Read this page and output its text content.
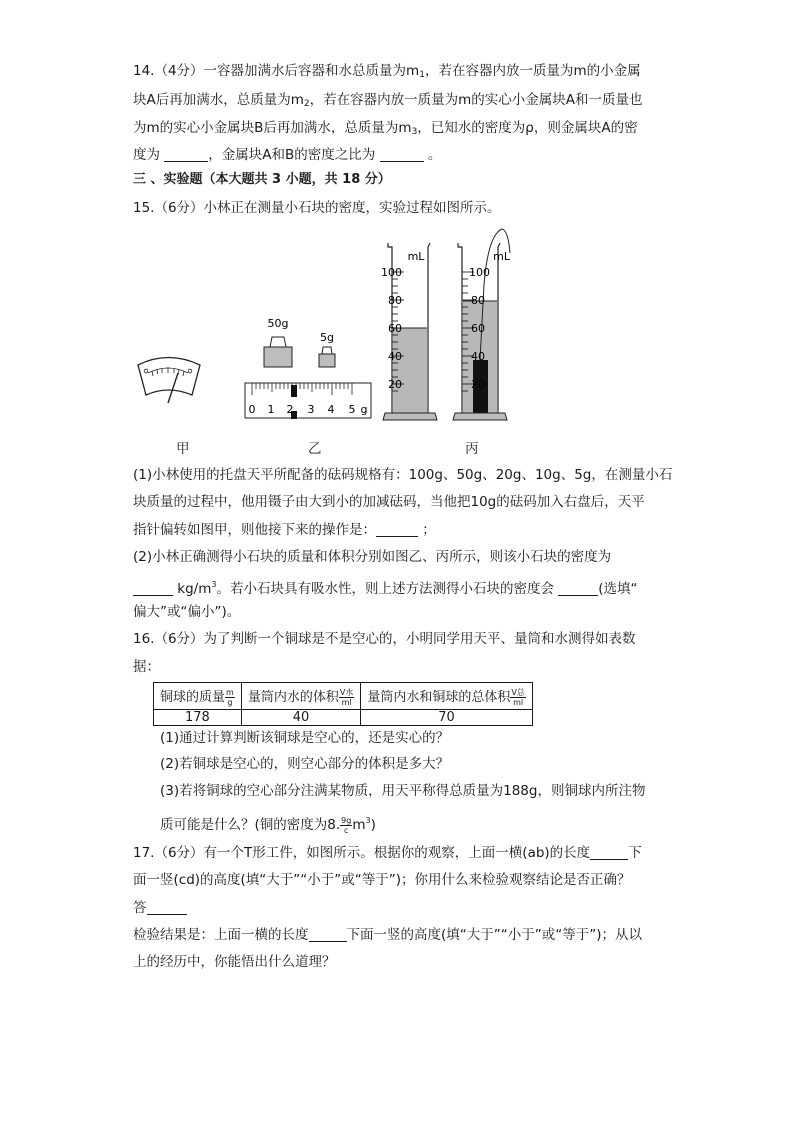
14.（4分）一容器加满水后容器和水总质量为$m_1$，若在容器内放一质量为m的小金属
块A后再加满水，总质量为$m_2$，若在容器内放一质量为m的实心小金属块A和一质量也
为m的实心小金属块B后再加满水，总质量为$m_3$，已知水的密度为ρ，则金属块A的密
度为	，金属块A和B的密度之比为	。
三 、实验题（本大题共 3 小题，共 18 分）
15.（6分）小林正在测量小石块的密度，实验过程如图所示。
50g
5g
0 1 2 3 4 5 g
mL
100
80
60
40
20
mL
100
80
60
40
20
甲	乙	丙
(1)小林使用的托盘天平所配备的砝码规格有：100g、50g、20g、10g、5g，在测量小石
块质量的过程中，他用镊子由大到小的加减砝码，当他把10g的砝码加入右盘后，天平
指针偏转如图甲，则他接下来的操作是：	；
(2)小林正确测得小石块的质量和体积分别如图乙、丙所示，则该小石块的密度为
$kg/m^3$。若小石块具有吸水性，则上述方法测得小石块的密度会	(选填“
偏大”或“偏小”)。
16.（6分）为了判断一个铜球是不是空心的，小明同学用天平、量筒和水测得如表数
据：
铜球的质量 $\frac{m}{g}$	量筒内水的体积 $\frac{\text{V水}}{ml}$	量筒内水和铜球的总体积 $\frac{\text{V总}}{ml}$

178	40	70
(1)通过计算判断该铜球是空心的，还是实心的？
(2)若铜球是空心的，则空心部分的体积是多大？
(3)若将铜球的空心部分注满某物质，用天平称得总质量为188g，则铜球内所注物
质可能是什么？(铜的密度为8. $\frac{9g}{c} m^3$)
17.（6分）有一个T形工件，如图所示。根据你的观察，上面一横(ab)的长度	下
面一竖(cd)的高度(填“大于”“小于”或“等于”)；你用什么来检验观察结论是否正确？
答
检验结果是：上面一横的长度	下面一竖的高度(填“大于”“小于”或“等于”)；从以
上的经历中，你能悟出什么道理？
